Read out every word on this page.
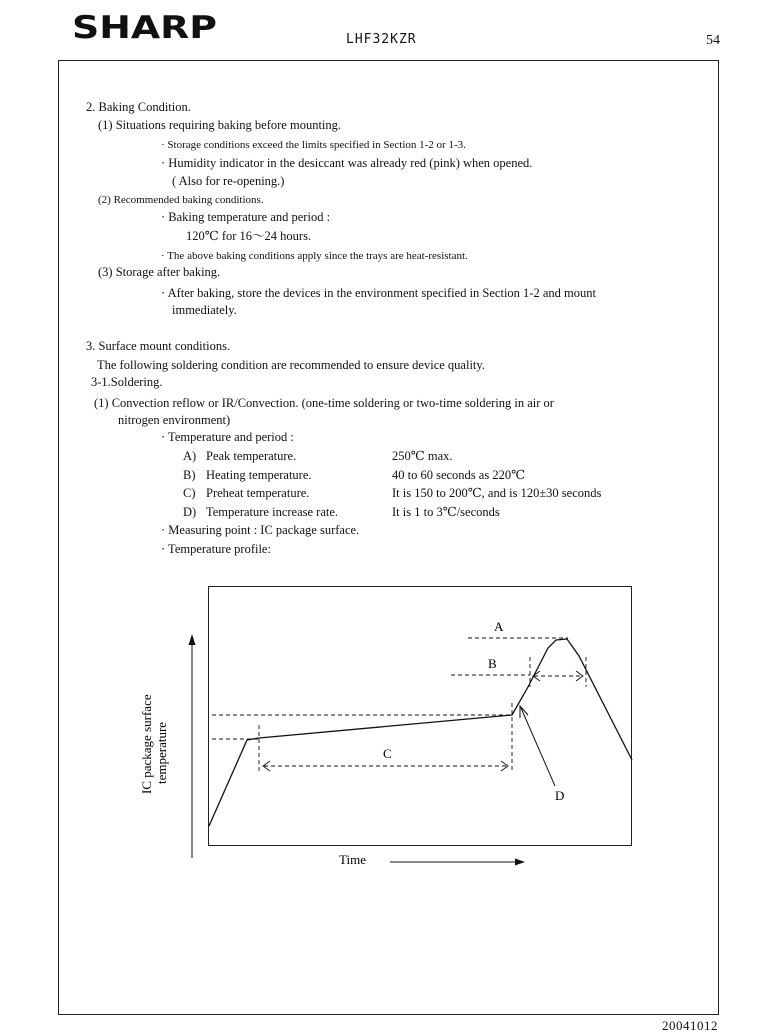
SHARP	LHF32KZR	54
2. Baking Condition.
(1) Situations requiring baking before mounting.
· Storage conditions exceed the limits specified in Section 1-2 or 1-3.
· Humidity indicator in the desiccant was already red (pink) when opened.
( Also for re-opening.)
(2) Recommended baking conditions.
· Baking temperature and period :
120℃ for 16〜24 hours.
· The above baking conditions apply since the trays are heat-resistant.
(3) Storage after baking.
· After baking, store the devices in the environment specified in Section 1-2 and mount
immediately.
3. Surface mount conditions.
The following soldering condition are recommended to ensure device quality.
3-1.Soldering.
(1) Convection reflow or IR/Convection. (one-time soldering or two-time soldering in air or
nitrogen environment)
· Temperature and period :
A) Peak temperature.	250℃ max.
B) Heating temperature.	40 to 60 seconds as 220℃
C) Preheat temperature.	It is 150 to 200℃, and is 120±30 seconds
D) Temperature increase rate.	It is 1 to 3℃/seconds
· Measuring point : IC package surface.
· Temperature profile:
A
B
C
D
Time
IC package surface temperature
20041012
